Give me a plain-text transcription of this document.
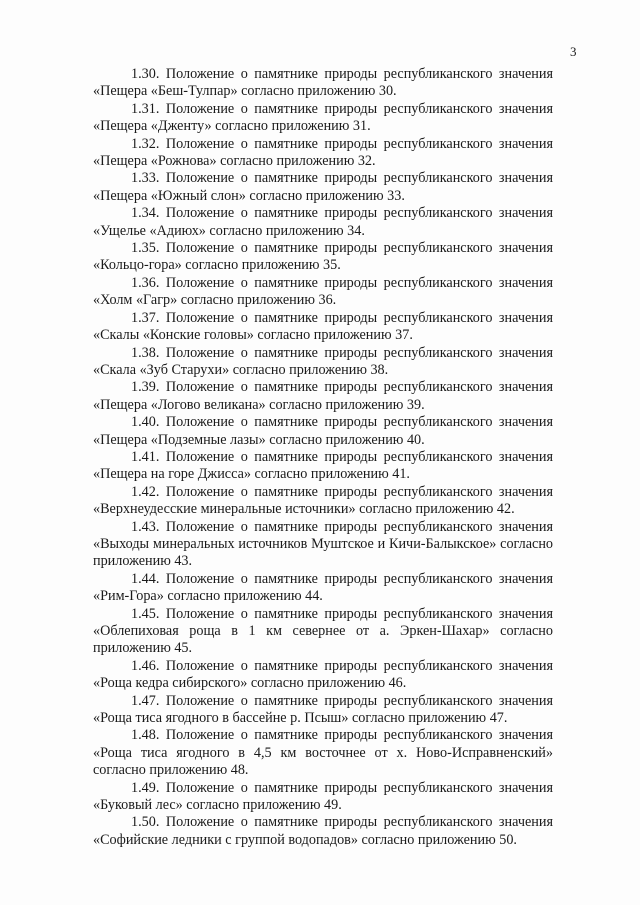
3

1.30. Положение о памятнике природы республиканского значения
«Пещера «Беш-Тулпар» согласно приложению 30.

1.31. Положение о памятнике природы республиканского значения
«Пещера «Дженту» согласно приложению 31.

1.32. Положение о памятнике природы республиканского значения
«Пещера «Рожнова» согласно приложению 32.

1.33. Положение о памятнике природы республиканского значения
«Пещера «Южный слон» согласно приложению 33.

1.34. Положение о памятнике природы республиканского значения
«Ущелье «Адиюх» согласно приложению 34.

1.35. Положение о памятнике природы республиканского значения
«Кольцо-гора» согласно приложению 35.

1.36. Положение о памятнике природы республиканского значения
«Холм «Гагр» согласно приложению 36.

1.37. Положение о памятнике природы республиканского значения
«Скалы «Конские головы» согласно приложению 37.

1.38. Положение о памятнике природы республиканского значения
«Скала «Зуб Старухи» согласно приложению 38.

1.39. Положение о памятнике природы республиканского значения
«Пещера «Логово великана» согласно приложению 39.

1.40. Положение о памятнике природы республиканского значения
«Пещера «Подземные лазы» согласно приложению 40.

1.41. Положение о памятнике природы республиканского значения
«Пещера на горе Джисса» согласно приложению 41.

1.42. Положение о памятнике природы республиканского значения
«Верхнеудесские минеральные источники» согласно приложению 42.

1.43. Положение о памятнике природы республиканского значения
«Выходы минеральных источников Муштское и Кичи-Балыкское» согласно приложению 43.

1.44. Положение о памятнике природы республиканского значения
«Рим-Гора» согласно приложению 44.

1.45. Положение о памятнике природы республиканского значения
«Облепиховая роща в 1 км севернее от а. Эркен-Шахар» согласно приложению 45.

1.46. Положение о памятнике природы республиканского значения
«Роща кедра сибирского» согласно приложению 46.

1.47. Положение о памятнике природы республиканского значения
«Роща тиса ягодного в бассейне р. Псыш» согласно приложению 47.

1.48. Положение о памятнике природы республиканского значения
«Роща тиса ягодного в 4,5 км восточнее от х. Ново-Исправненский» согласно приложению 48.

1.49. Положение о памятнике природы республиканского значения
«Буковый лес» согласно приложению 49.

1.50. Положение о памятнике природы республиканского значения
«Софийские ледники с группой водопадов» согласно приложению 50.
